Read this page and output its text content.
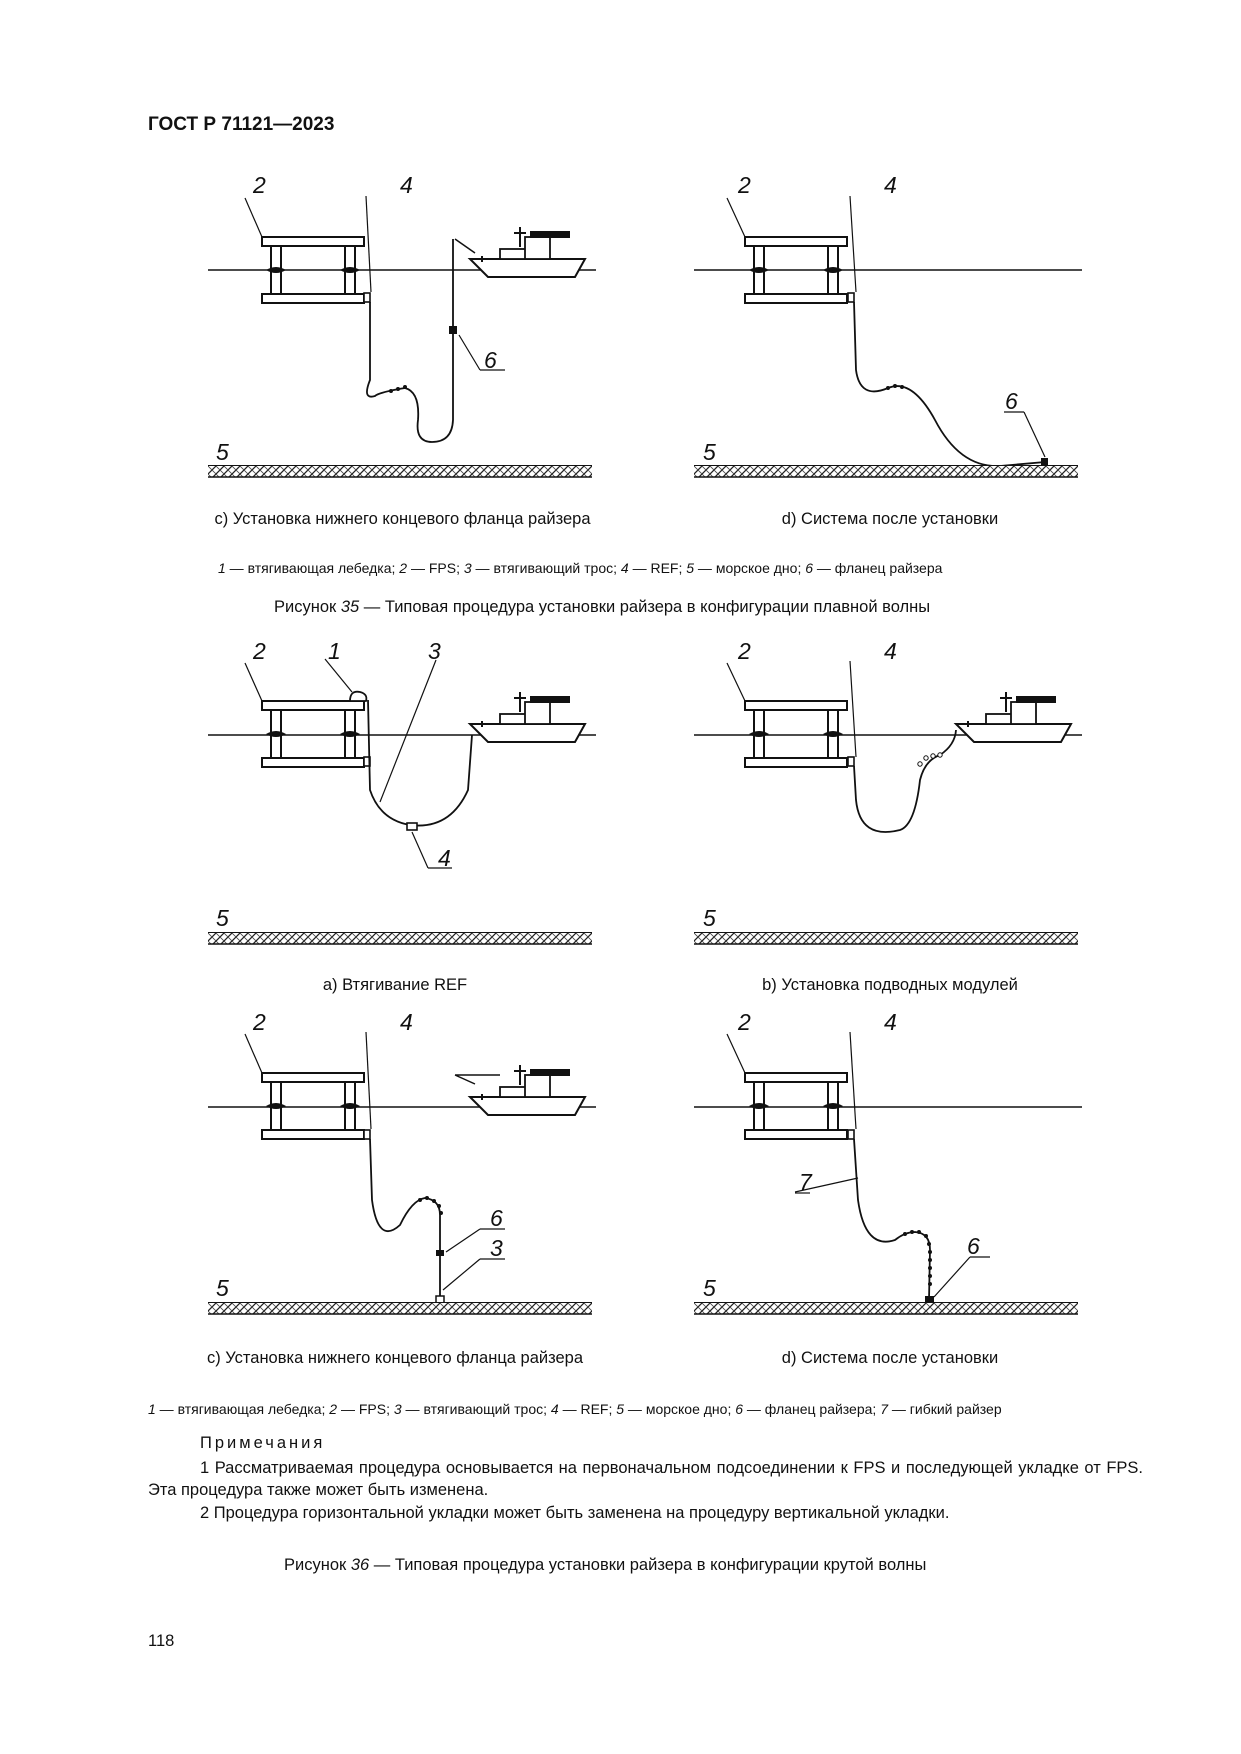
ГОСТ Р 71121—2023
2	4
6
5
2	4
6
5
2	1	3
4
5
2	4
5
2	4
6
3
5
2	4
7
6
5
с) Установка нижнего концевого фланца райзера	d) Система после установки
1 — втягивающая лебедка; 2 — FPS; 3 — втягивающий трос; 4 — REF; 5 — морское дно; 6 — фланец райзера
Рисунок 35 — Типовая процедура установки райзера в конфигурации плавной волны
а) Втягивание REF	b) Установка подводных модулей
с) Установка нижнего концевого фланца райзера	d) Система после установки
1 — втягивающая лебедка; 2 — FPS; 3 — втягивающий трос; 4 — REF; 5 — морское дно; 6 — фланец райзера; 7 — гибкий райзер
Примечания
1 Рассматриваемая процедура основывается на первоначальном подсоединении к FPS и последующей укладке от FPS. Эта процедура также может быть изменена.
2 Процедура горизонтальной укладки может быть заменена на процедуру вертикальной укладки.
Рисунок 36 — Типовая процедура установки райзера в конфигурации крутой волны
118
